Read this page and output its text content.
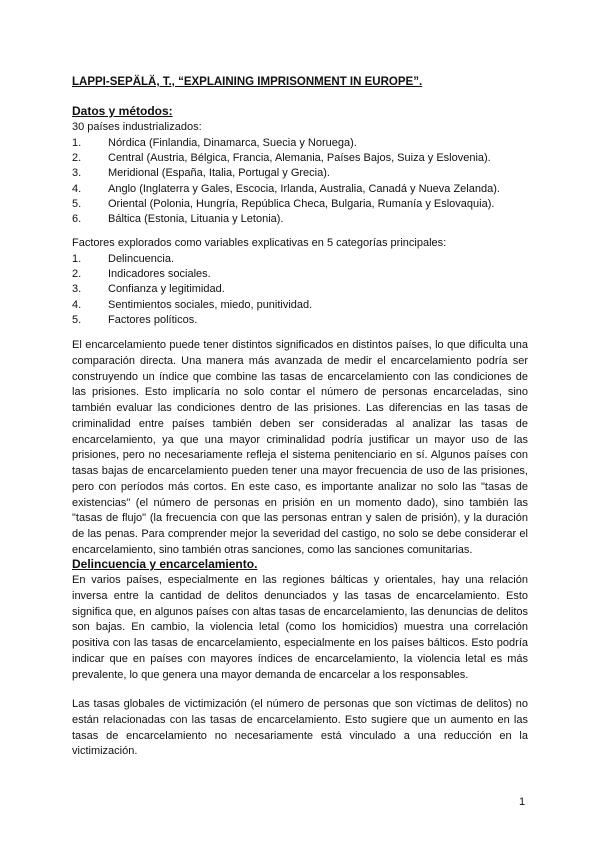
LAPPI-SEPÄLÄ, T., “EXPLAINING IMPRISONMENT IN EUROPE”.
Datos y métodos:
30 países industrializados:
1.	Nórdica (Finlandia, Dinamarca, Suecia y Noruega).
2.	Central (Austria, Bélgica, Francia, Alemania, Países Bajos, Suiza y Eslovenia).
3.	Meridional (España, Italia, Portugal y Grecia).
4.	Anglo (Inglaterra y Gales, Escocia, Irlanda, Australia, Canadá y Nueva Zelanda).
5.	Oriental (Polonia, Hungría, República Checa, Bulgaria, Rumanía y Eslovaquia).
6.	Báltica (Estonia, Lituania y Letonia).
Factores explorados como variables explicativas en 5 categorías principales:
1.	Delincuencia.
2.	Indicadores sociales.
3.	Confianza y legitimidad.
4.	Sentimientos sociales, miedo, punitividad.
5.	Factores políticos.
El encarcelamiento puede tener distintos significados en distintos países, lo que dificulta una comparación directa. Una manera más avanzada de medir el encarcelamiento podría ser construyendo un índice que combine las tasas de encarcelamiento con las condiciones de las prisiones. Esto implicaría no solo contar el número de personas encarceladas, sino también evaluar las condiciones dentro de las prisiones. Las diferencias en las tasas de criminalidad entre países también deben ser consideradas al analizar las tasas de encarcelamiento, ya que una mayor criminalidad podría justificar un mayor uso de las prisiones, pero no necesariamente refleja el sistema penitenciario en sí. Algunos países con tasas bajas de encarcelamiento pueden tener una mayor frecuencia de uso de las prisiones, pero con períodos más cortos. En este caso, es importante analizar no solo las "tasas de existencias" (el número de personas en prisión en un momento dado), sino también las "tasas de flujo" (la frecuencia con que las personas entran y salen de prisión), y la duración de las penas. Para comprender mejor la severidad del castigo, no solo se debe considerar el encarcelamiento, sino también otras sanciones, como las sanciones comunitarias.
Delincuencia y encarcelamiento.
En varios países, especialmente en las regiones bálticas y orientales, hay una relación inversa entre la cantidad de delitos denunciados y las tasas de encarcelamiento. Esto significa que, en algunos países con altas tasas de encarcelamiento, las denuncias de delitos son bajas. En cambio, la violencia letal (como los homicidios) muestra una correlación positiva con las tasas de encarcelamiento, especialmente en los países bálticos. Esto podría indicar que en países con mayores índices de encarcelamiento, la violencia letal es más prevalente, lo que genera una mayor demanda de encarcelar a los responsables.
Las tasas globales de victimización (el número de personas que son víctimas de delitos) no están relacionadas con las tasas de encarcelamiento. Esto sugiere que un aumento en las tasas de encarcelamiento no necesariamente está vinculado a una reducción en la victimización.
1
